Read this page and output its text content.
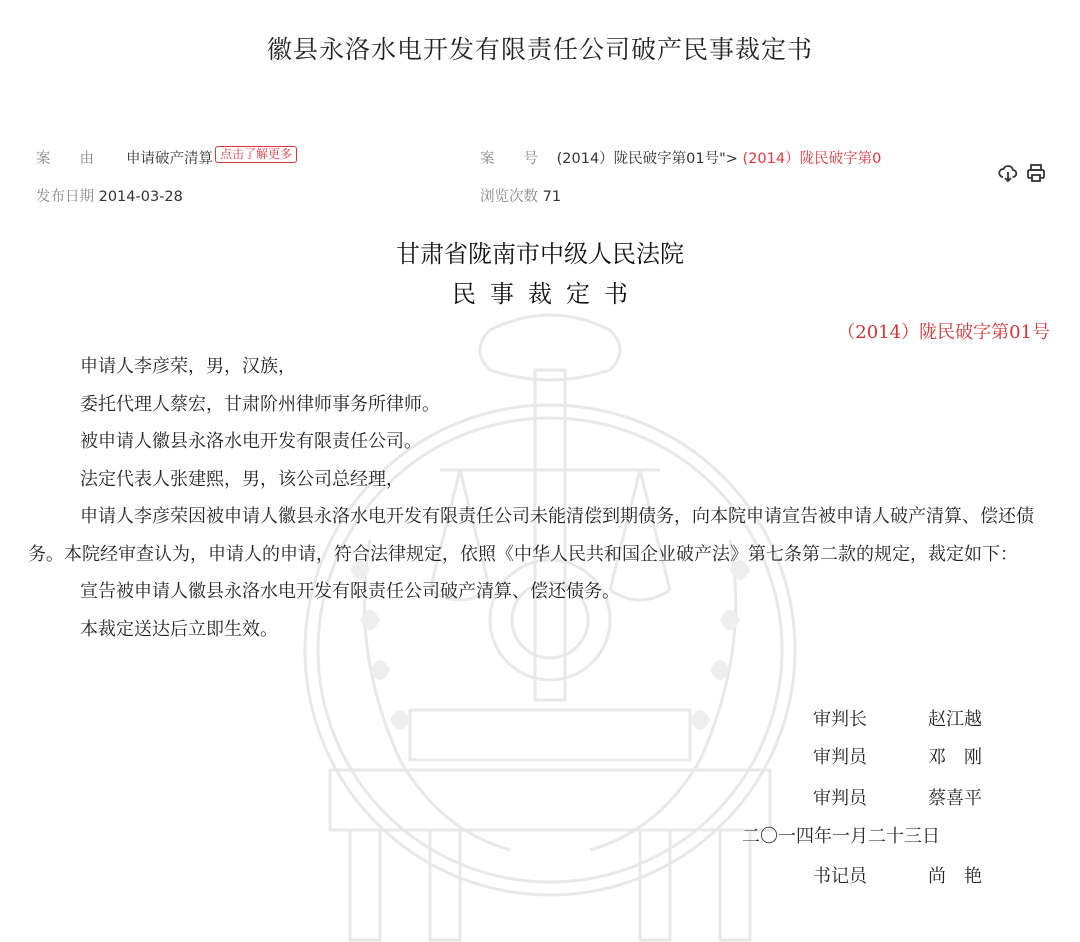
徽县永洛水电开发有限责任公司破产民事裁定书
案　　由 申请破产清算 点击了解更多	案　　号 (2014）陇民破字第01号"> (2014）陇民破字第0
发布日期 2014-03-28	浏览次数 71
甘肃省陇南市中级人民法院
民事裁定书
（2014）陇民破字第01号

申请人李彦荣，男，汉族，

委托代理人蔡宏，甘肃阶州律师事务所律师。

被申请人徽县永洛水电开发有限责任公司。

法定代表人张建熙，男，该公司总经理，

申请人李彦荣因被申请人徽县永洛水电开发有限责任公司未能清偿到期债务，向本院申请宣告被申请人破产清算、偿还债务。本院经审查认为，申请人的申请，符合法律规定，依照《中华人民共和国企业破产法》第七条第二款的规定，裁定如下：

宣告被申请人徽县永洛水电开发有限责任公司破产清算、偿还债务。

本裁定送达后立即生效。

审判长	赵江越
审判员	邓　刚
审判员	蔡喜平
二〇一四年一月二十三日
书记员	尚　艳
